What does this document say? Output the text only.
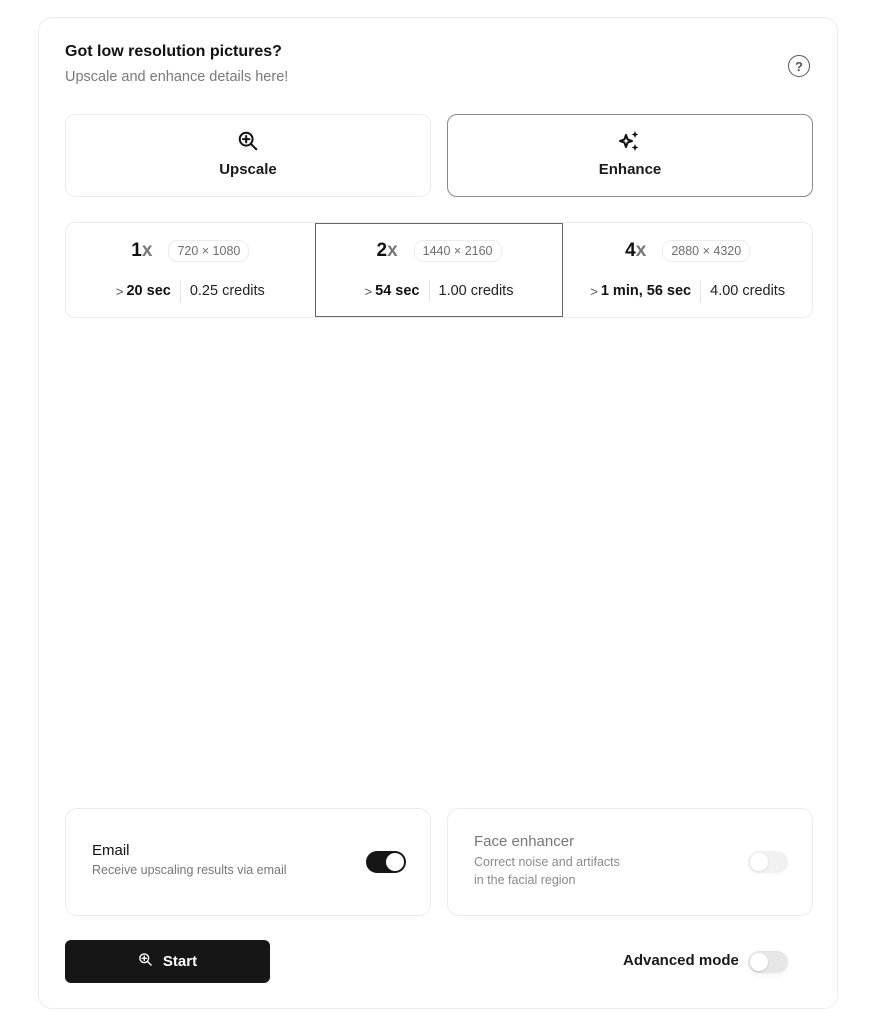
Got low resolution pictures?
Upscale and enhance details here!
?
Upscale	Enhance
1x	720 × 1080
> 20 sec 0.25 credits
2x	1440 × 2160
> 54 sec 1.00 credits
4x	2880 × 4320
> 1 min, 56 sec 4.00 credits
Email
Receive upscaling results via email
Face enhancer
Correct noise and artifacts
in the facial region
Start	Advanced mode
